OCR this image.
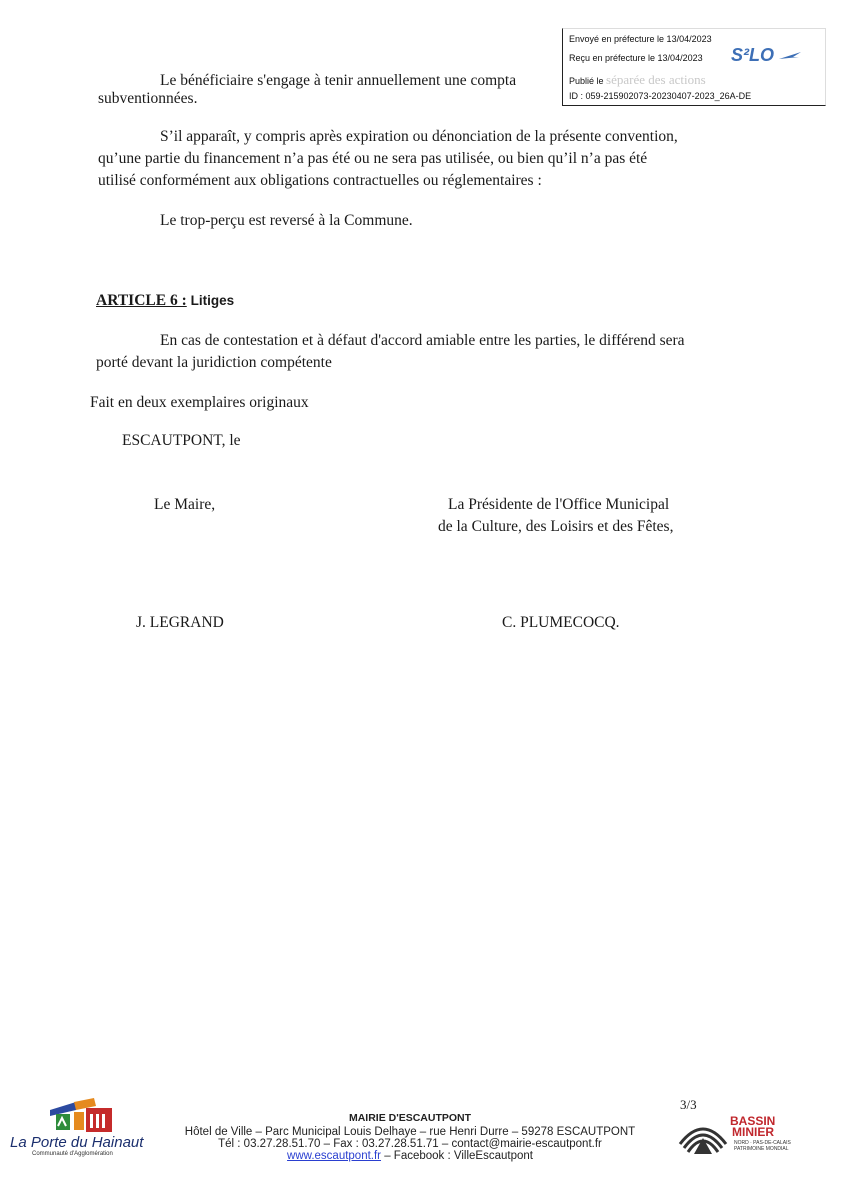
Envoyé en préfecture le 13/04/2023
Reçu en préfecture le 13/04/2023
Publié le séparée des actions
ID : 059-215902073-20230407-2023_26A-DE
S²LO
Le bénéficiaire s'engage à tenir annuellement une compta
subventionnées.
S’il apparaît, y compris après expiration ou dénonciation de la présente convention,
qu’une partie du financement n’a pas été ou ne sera pas utilisée, ou bien qu’il n’a pas été
utilisé conformément aux obligations contractuelles ou réglementaires :
Le trop-perçu est reversé à la Commune.
ARTICLE 6 : Litiges
En cas de contestation et à défaut d'accord amiable entre les parties, le différend sera
porté devant la juridiction compétente
Fait en deux exemplaires originaux
ESCAUTPONT, le
Le Maire,	La Présidente de l'Office Municipal
de la Culture, des Loisirs et des Fêtes,
J. LEGRAND	C. PLUMECOCQ.
La Porte du Hainaut
Communauté d'Agglomération
MAIRIE D'ESCAUTPONT
Hôtel de Ville – Parc Municipal Louis Delhaye – rue Henri Durre – 59278 ESCAUTPONT
Tél : 03.27.28.51.70 – Fax : 03.27.28.51.71 – contact@mairie-escautpont.fr
www.escautpont.fr – Facebook : VilleEscautpont
3/3
BASSIN
MINIER
NORD · PAS-DE-CALAIS
PATRIMOINE MONDIAL
